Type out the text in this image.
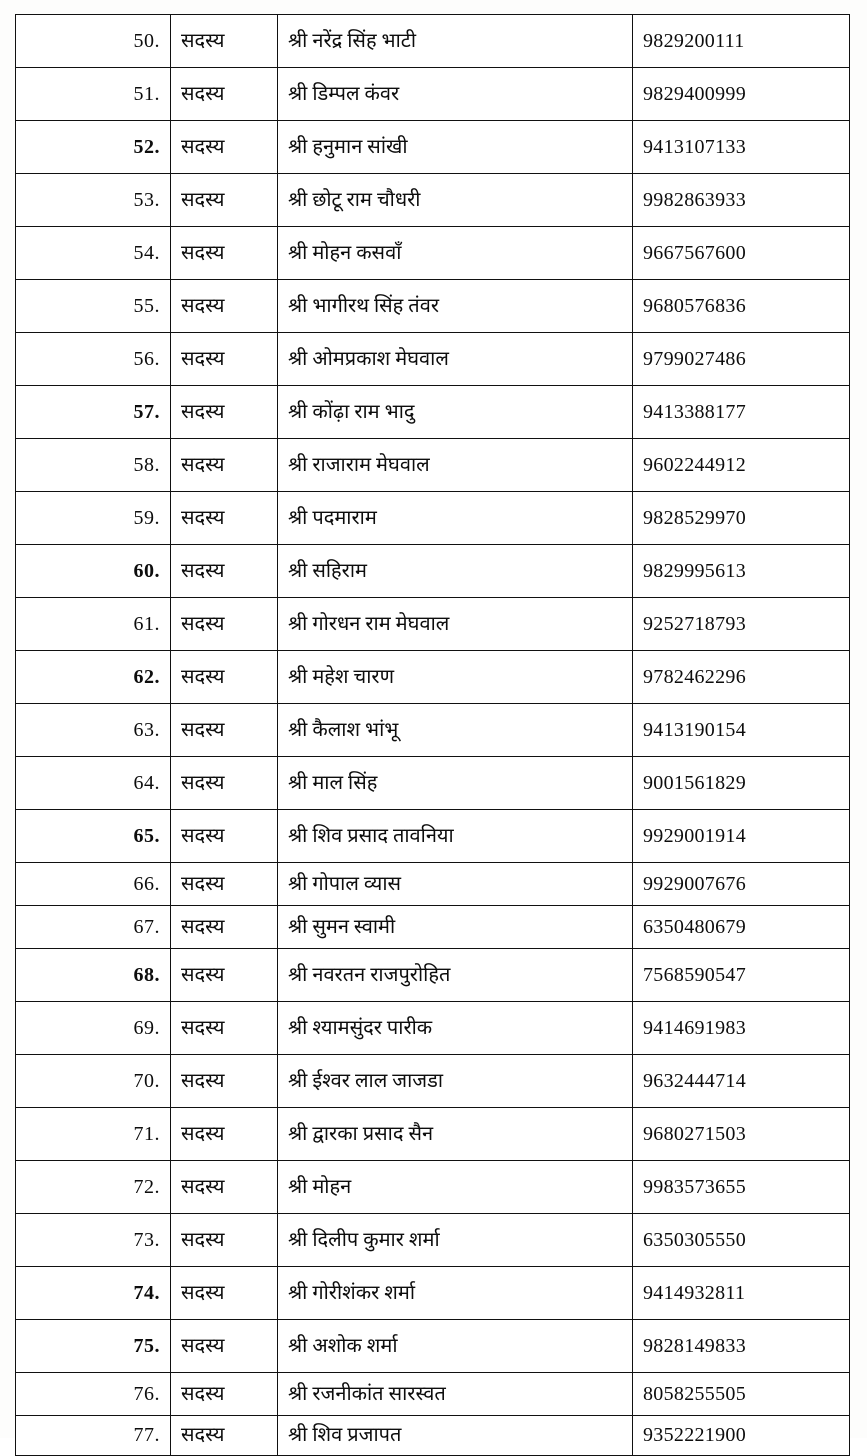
50.	सदस्य	श्री नरेंद्र सिंह भाटी	9829200111
51.	सदस्य	श्री डिम्पल कंवर	9829400999
52.	सदस्य	श्री हनुमान सांखी	9413107133
53.	सदस्य	श्री छोटू राम चौधरी	9982863933
54.	सदस्य	श्री मोहन कसवाँ	9667567600
55.	सदस्य	श्री भागीरथ सिंह तंवर	9680576836
56.	सदस्य	श्री ओमप्रकाश मेघवाल	9799027486
57.	सदस्य	श्री कोंढ़ा राम भादु	9413388177
58.	सदस्य	श्री राजाराम मेघवाल	9602244912
59.	सदस्य	श्री पदमाराम	9828529970
60.	सदस्य	श्री सहिराम	9829995613
61.	सदस्य	श्री गोरधन राम मेघवाल	9252718793
62.	सदस्य	श्री महेश चारण	9782462296
63.	सदस्य	श्री कैलाश भांभू	9413190154
64.	सदस्य	श्री माल सिंह	9001561829
65.	सदस्य	श्री शिव प्रसाद तावनिया	9929001914
66.	सदस्य	श्री गोपाल व्यास	9929007676
67.	सदस्य	श्री सुमन स्वामी	6350480679
68.	सदस्य	श्री नवरतन राजपुरोहित	7568590547
69.	सदस्य	श्री श्यामसुंदर पारीक	9414691983
70.	सदस्य	श्री ईश्वर लाल जाजडा	9632444714
71.	सदस्य	श्री द्वारका प्रसाद सैन	9680271503
72.	सदस्य	श्री मोहन	9983573655
73.	सदस्य	श्री दिलीप कुमार शर्मा	6350305550
74.	सदस्य	श्री गोरीशंकर शर्मा	9414932811
75.	सदस्य	श्री अशोक शर्मा	9828149833
76.	सदस्य	श्री रजनीकांत सारस्वत	8058255505
77.	सदस्य	श्री शिव प्रजापत	9352221900
